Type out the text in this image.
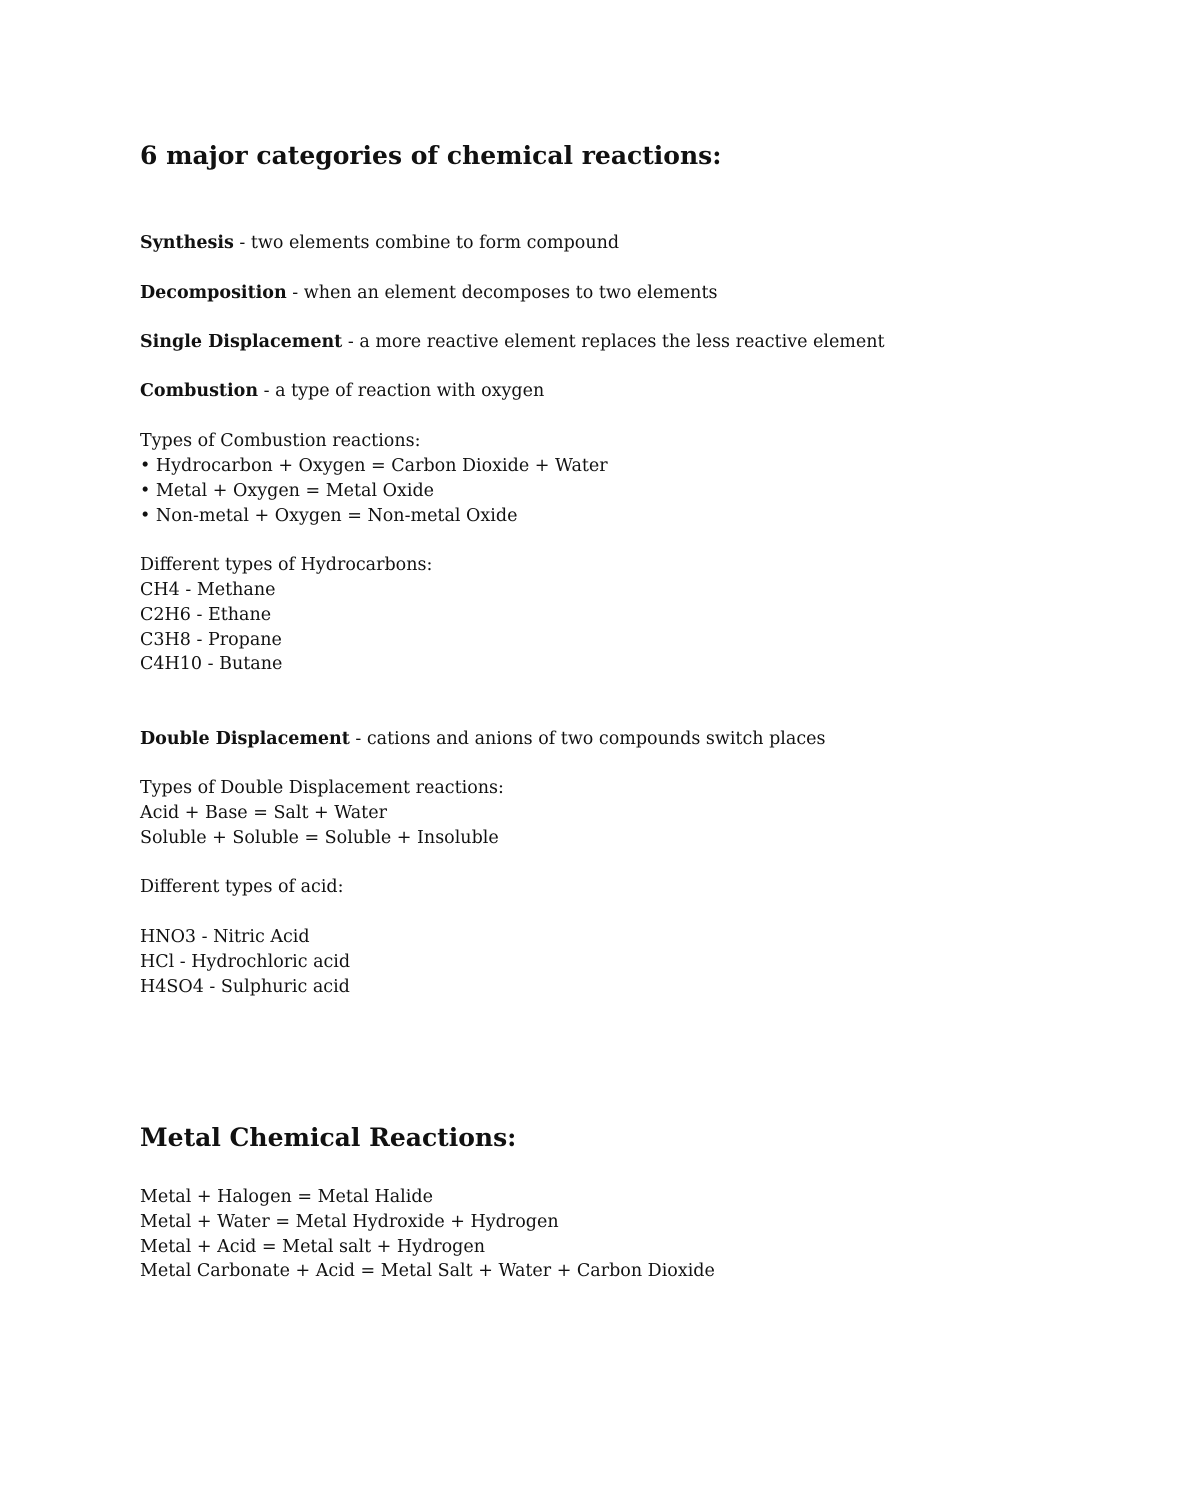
6 major categories of chemical reactions:
Synthesis - two elements combine to form compound
Decomposition - when an element decomposes to two elements
Single Displacement - a more reactive element replaces the less reactive element
Combustion - a type of reaction with oxygen
Types of Combustion reactions:
• Hydrocarbon + Oxygen = Carbon Dioxide + Water
• Metal + Oxygen = Metal Oxide
• Non-metal + Oxygen = Non-metal Oxide
Different types of Hydrocarbons:
CH4 - Methane
C2H6 - Ethane
C3H8 - Propane
C4H10 - Butane
Double Displacement - cations and anions of two compounds switch places
Types of Double Displacement reactions:
Acid + Base = Salt + Water
Soluble + Soluble = Soluble + Insoluble
Different types of acid:
HNO3 - Nitric Acid
HCl - Hydrochloric acid
H4SO4 - Sulphuric acid
Metal Chemical Reactions:
Metal + Halogen = Metal Halide
Metal + Water = Metal Hydroxide + Hydrogen
Metal + Acid = Metal salt + Hydrogen
Metal Carbonate + Acid = Metal Salt + Water + Carbon Dioxide
